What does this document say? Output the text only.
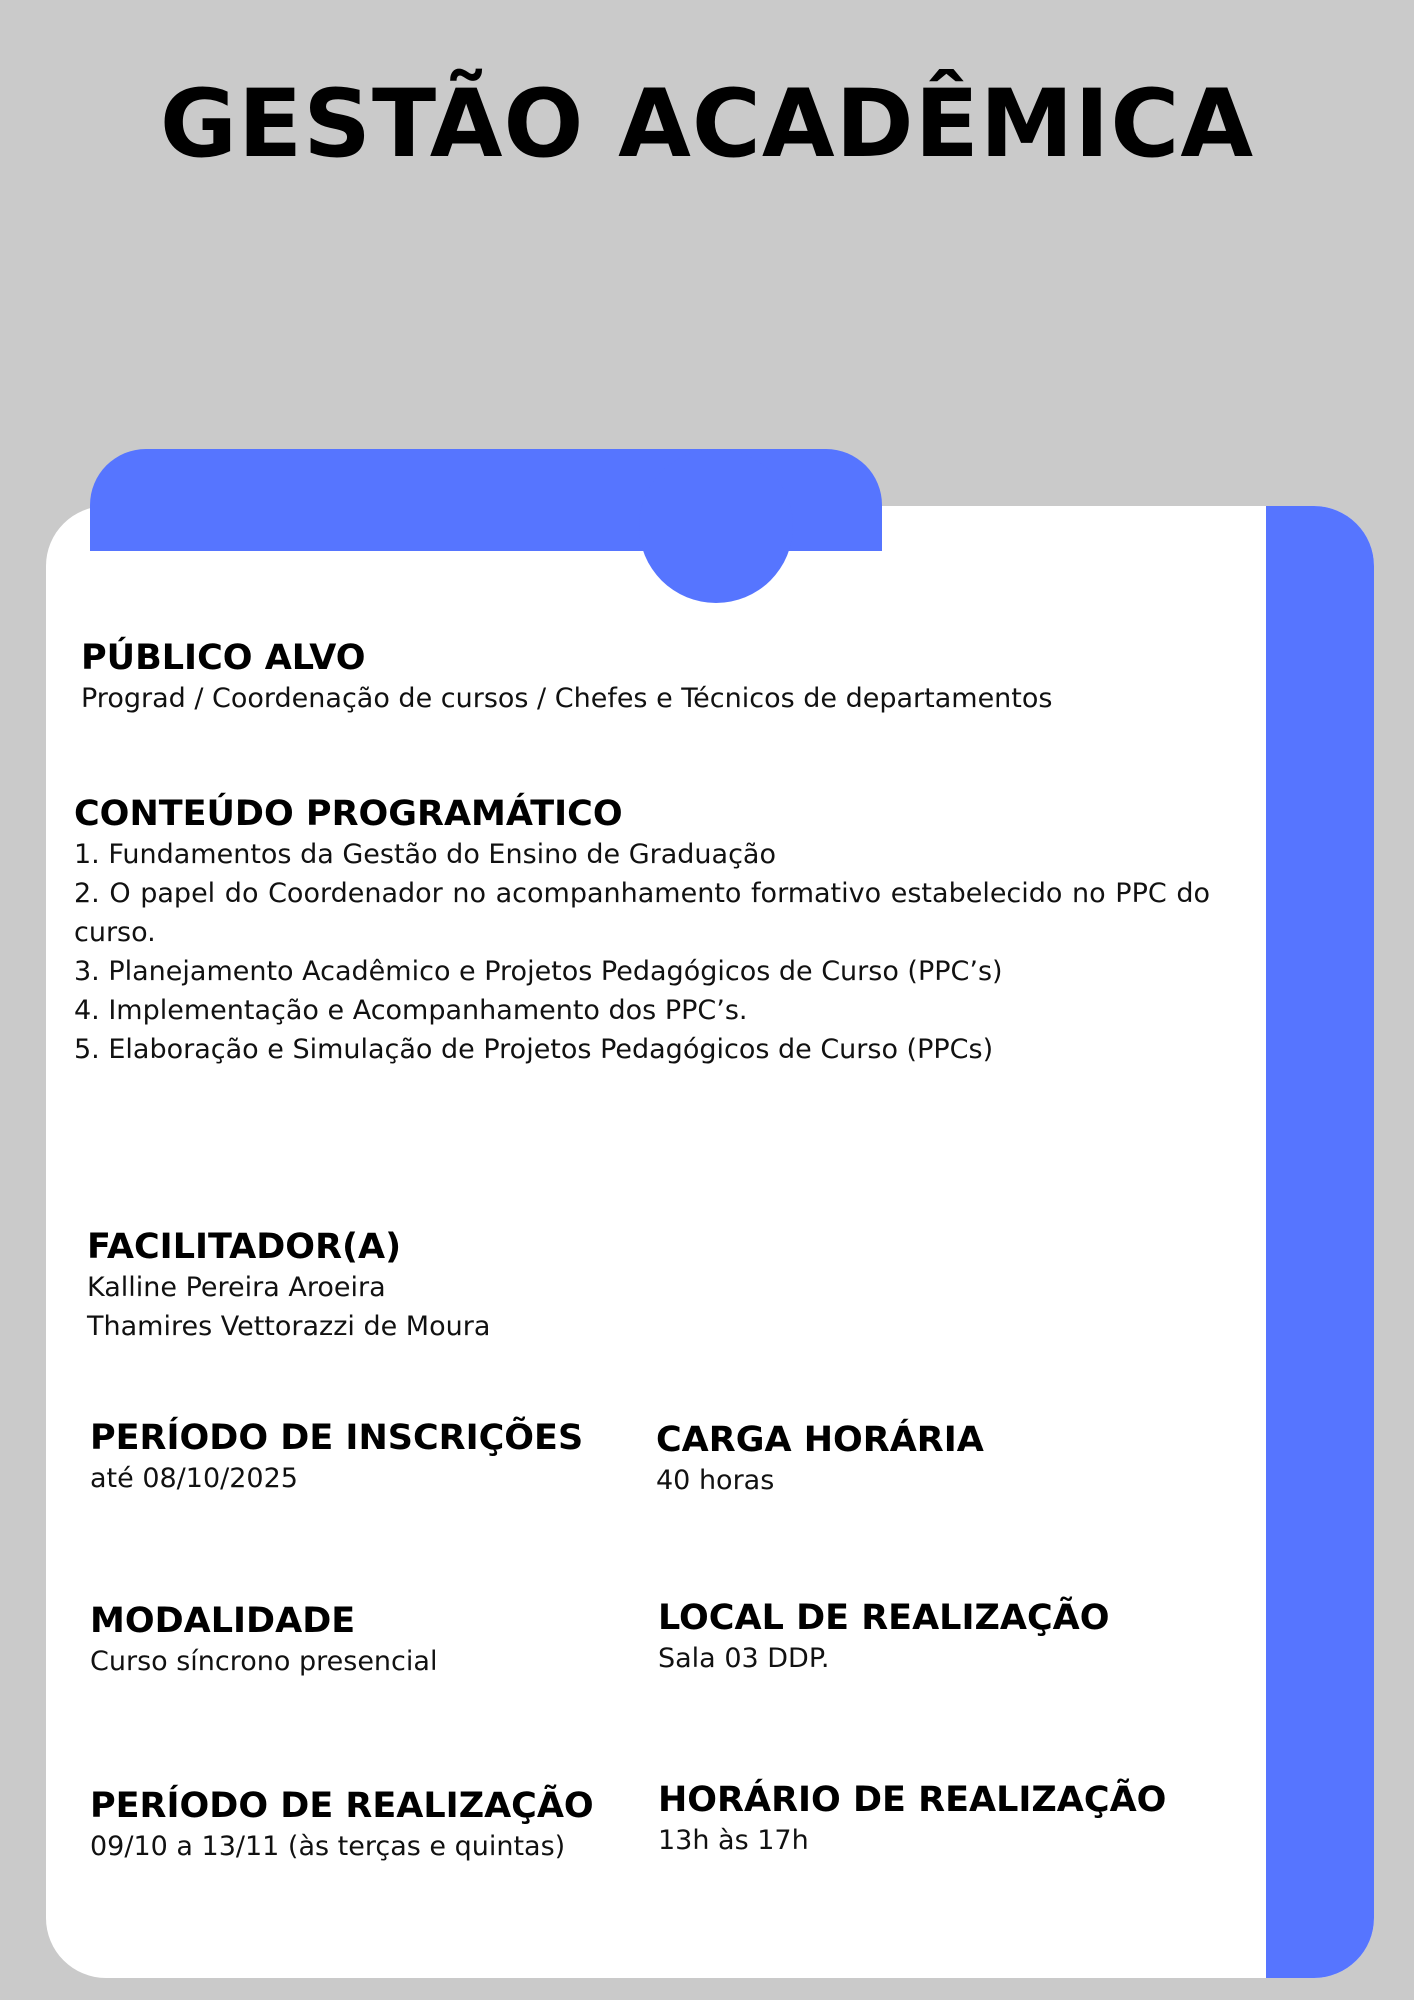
GESTÃO ACADÊMICA
PÚBLICO ALVO
Prograd / Coordenação de cursos / Chefes e Técnicos de departamentos
CONTEÚDO PROGRAMÁTICO
1. Fundamentos da Gestão do Ensino de Graduação
2. O papel do Coordenador no acompanhamento formativo estabelecido no PPC do curso.
3. Planejamento Acadêmico e Projetos Pedagógicos de Curso (PPC’s)
4. Implementação e Acompanhamento dos PPC’s.
5. Elaboração e Simulação de Projetos Pedagógicos de Curso (PPCs)
FACILITADOR(A)
Kalline Pereira Aroeira
Thamires Vettorazzi de Moura
PERÍODO DE INSCRIÇÕES
até 08/10/2025
CARGA HORÁRIA
40 horas
MODALIDADE
Curso síncrono presencial
LOCAL DE REALIZAÇÃO
Sala 03 DDP.
PERÍODO DE REALIZAÇÃO
09/10 a 13/11 (às terças e quintas)
HORÁRIO DE REALIZAÇÃO
13h às 17h
